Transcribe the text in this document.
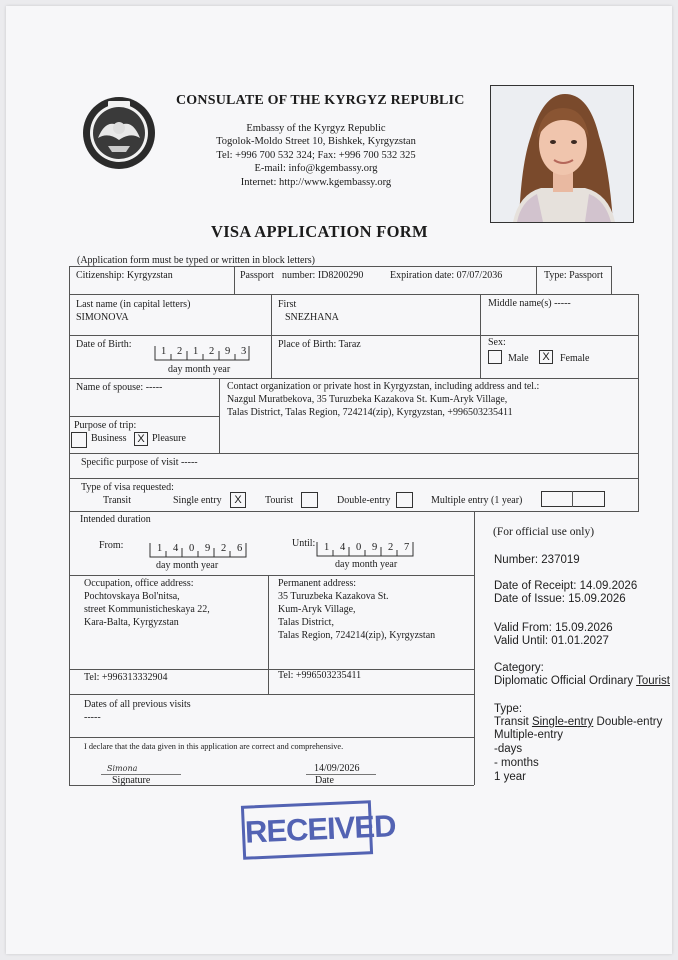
CONSULATE OF THE KYRGYZ REPUBLIC
Embassy of the Kyrgyz Republic
Togolok-Moldo Street 10, Bishkek, Kyrgyzstan
Tel: +996 700 532 324; Fax: +996 700 532 325
E-mail: info@kgembassy.org
Internet: http://www.kgembassy.org
VISA APPLICATION FORM
(Application form must be typed or written in block letters)
Citizenship: Kyrgyzstan	Passport number: ID8200290	Expiration date: 07/07/2036	Type: Passport
Last name (in capital letters)
SIMONOVA
First
SNEZHANA
Middle name(s) -----
Date of Birth:
1 2 1 2 9 3
day month year
Place of Birth: Taraz	Sex:
Male	X	Female
Name of spouse: -----	Contact organization or private host in Kyrgyzstan, including address and tel.:
Nazgul Muratbekova, 35 Turuzbeka Kazakova St. Kum-Aryk Village,
Talas District, Talas Region, 724214(zip), Kyrgyzstan, +996503235411
Purpose of trip:
Business X Pleasure
Specific purpose of visit -----
Type of visa requested:
Transit	Single entry	X	Tourist	Double-entry	Multiple entry (1 year)
Intended duration
From:	1 4 0 9 2 6
day month year
Until: 1 4 0 9 2 7
day month year
Occupation, office address:
Pochtovskaya Bol'nitsa,
street Kommunisticheskaya 22,
Kara-Balta, Kyrgyzstan
Tel: +996313332904
Permanent address:
35 Turuzbeka Kazakova St.
Kum-Aryk Village,
Talas District,
Talas Region, 724214(zip), Kyrgyzstan
Tel: +996503235411
Dates of all previous visits
-----
I declare that the data given in this application are correct and comprehensive.
Simona
Signature
14/09/2026
Date
(For official use only)
Number: 237019
Date of Receipt: 14.09.2026
Date of Issue: 15.09.2026
Valid From: 15.09.2026
Valid Until: 01.01.2027
Category:
Diplomatic Official Ordinary Tourist
Type:
Transit Single-entry Double-entry
Multiple-entry
-days
- months
1 year
RECEIVED
